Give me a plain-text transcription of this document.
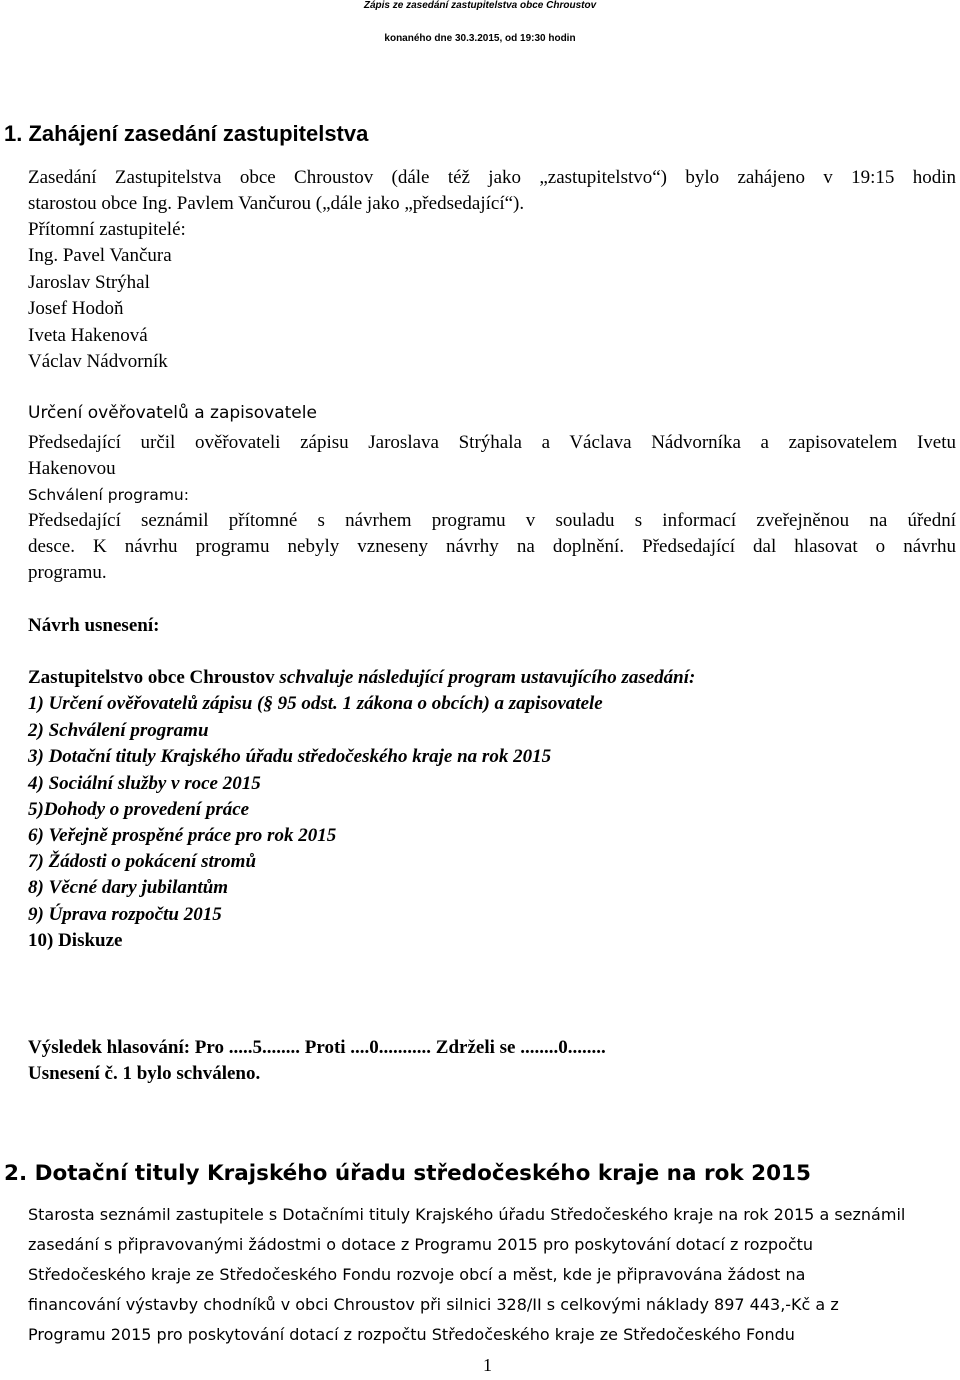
Zápis ze zasedání zastupitelstva obce Chroustov
konaného dne 30.3.2015, od 19:30 hodin
1. Zahájení zasedání zastupitelstva
Zasedání Zastupitelstva obce Chroustov (dále též jako „zastupitelstvo“) bylo zahájeno v 19:15 hodin
starostou obce Ing. Pavlem Vančurou („dále jako „předsedající“).
Přítomní zastupitelé:
Ing. Pavel Vančura
Jaroslav Strýhal
Josef Hodoň
Iveta Hakenová
Václav Nádvorník
Určení ověřovatelů a zapisovatele
Předsedající určil ověřovateli zápisu Jaroslava Strýhala a Václava Nádvorníka a zapisovatelem Ivetu
Hakenovou
Schválení programu:
Předsedající seznámil přítomné s návrhem programu v souladu s informací zveřejněnou na úřední
desce. K návrhu programu nebyly vzneseny návrhy na doplnění. Předsedající dal hlasovat o návrhu
programu.
Návrh usnesení:
Zastupitelstvo obce Chroustov schvaluje následující program ustavujícího zasedání:
1) Určení ověřovatelů zápisu (§ 95 odst. 1 zákona o obcích) a zapisovatele
2) Schválení programu
3) Dotační tituly Krajského úřadu středočeského kraje na rok 2015
4) Sociální služby v roce 2015
5)Dohody o provedení práce
6) Veřejně prospěné práce pro rok 2015
7) Žádosti o pokácení stromů
8) Věcné dary jubilantům
9) Úprava rozpočtu 2015
10) Diskuze
Výsledek hlasování: Pro .....5........ Proti ....0........... Zdrželi se ........0........
Usnesení č. 1 bylo schváleno.
2. Dotační tituly Krajského úřadu středočeského kraje na rok 2015
Starosta seznámil zastupitele s Dotačními tituly Krajského úřadu Středočeského kraje na rok 2015 a seznámil
zasedání s připravovanými žádostmi o dotace z Programu 2015 pro poskytování dotací z rozpočtu
Středočeského kraje ze Středočeského Fondu rozvoje obcí a měst, kde je připravována žádost na
financování výstavby chodníků v obci Chroustov při silnici 328/II s celkovými náklady 897 443,-Kč a z
Programu 2015 pro poskytování dotací z rozpočtu Středočeského kraje ze Středočeského Fondu
1
